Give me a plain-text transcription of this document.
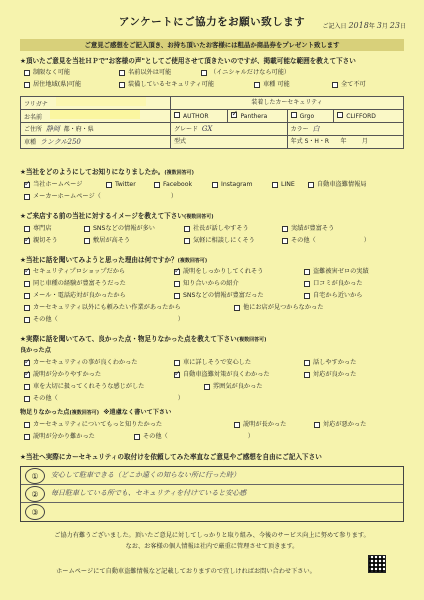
アンケートにご協力をお願い致します	ご記入日 2018年 3月 23日
ご意見ご感想をご記入頂き、お持ち頂いたお客様には粗品か商品券をプレゼント致します
★頂いたご意見を当社ＨＰで"お客様の声"としてご使用させて頂きたいのですが、掲載可能な範囲を教えて下さい
制限なく可能	名前以外は可能	（イニシャルだけなら可能）
居住地域(県)可能	装備しているセキュリティ可能	車種 可能	全て不可
フリガナ	装着したカーセキュリティ			
お名前	AUTHOR	✓Panthera	Grgo	CLIFFORD
ご住所 静岡 都・府・県	グレード GX		カラー 白	
車種 ランクル250	型式		年式 S・H・R 年 月	
★当社をどのようにしてお知りになりましたか。(複数回答可)
✓
当社ホームページ	Twitter	Facebook	Instagram	LINE	自動車盗難情報局
メーカーホームページ（	）
★ご来店する前の当社に対するイメージを教えて下さい(複数回答可)
専門店	SNSなどの情報が多い	社長が話しやすそう	実績が豊富そう
✓
親切そう	敷居が高そう	気軽に相談しにくそう	その他（	）
★当社に話を聞いてみようと思った理由は何ですか？(複数回答可)
✓
セキュリティプロショップだから ✓	説明をしっかりしてくれそう	盗難被害ゼロの実績
同じ車種の経験が豊富そうだった	知り合いからの紹介	口コミが良かった
メール・電話応対が良かったから	SNSなどの情報が豊富だった	自宅から近いから
カーセキュリティ以外にも頼みたい作業があったから	他にお店が見つからなかった
その他（	）
★実際に話を聞いてみて、良かった点・物足りなかった点を教えて下さい(複数回答可)
良かった点
✓
カーセキュリティの事が良くわかった	車に詳しそうで安心した	話しやすかった
✓
説明が分かりやすかった ✓	自動車盗難対策が良くわかった	対応が良かった
車を大切に扱ってくれそうな感じがした	雰囲気が良かった
その他（	）
物足りなかった点(複数回答可) ※遠慮なく書いて下さい
カーセキュリティについてもっと知りたかった	説明が長かった	対応が悪かった
説明が分かり難かった	その他（	）
★当社へ実際にカーセキュリティの取付けを依頼してみた率直なご意見やご感想を自由にご記入下さい
①	安心して駐車できる（どこか遠くの知らない所に行った時）
②	毎日駐車している所でも、セキュリティを付けていると安心感
③
ご協力有難うございました。頂いたご意見に対してしっかりと取り組み、今後のサービス向上に努めて参ります。
なお、お客様の個人情報は社内で厳重に管理させて頂きます。
ホームページにて自動車盗難情報など記載しておりますので宜しければお問い合わせ下さい。
